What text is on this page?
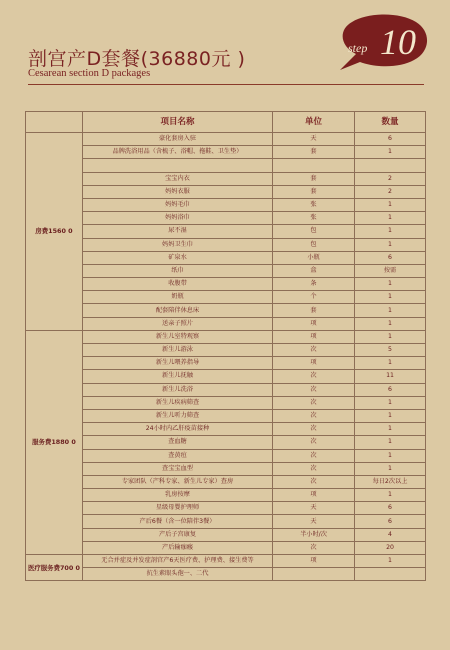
剖宫产D套餐(36880元 )
Cesarean section D packages
step 10
	项目名称	单位	数量
房费1560 0	豪化套房入驻	天	6
	品牌洗浴用品（含梳子、浴帽、拖鞋、卫生垫）	套	1

	宝宝内衣	套	2
	妈妈衣服	套	2
	妈妈毛巾	张	1
	妈妈浴巾	张	1
	尿不湿	包	1
	妈妈卫生巾	包	1
	矿泉水	小瓶	6
	纸巾	盒	按需
	收腹带	条	1
	奶瓶	个	1
	配套陪伴休息床	套	1
	送亲子照片	项	1
服务费1880 0	新生儿室特观察	项	1
	新生儿游泳	次	5
	新生儿喂养指导	项	1
	新生儿抚触	次	11
	新生儿洗浴	次	6
	新生儿疾病筛查	次	1
	新生儿听力筛查	次	1
	24小时内乙肝疫苗接种	次	1
	查血糖	次	1
	查黄疸	次	1
	查宝宝血型	次	1
	专家团队（产科专家、新生儿专家）查房	次	每日2次以上
	乳房按摩	项	1
	星级母婴护理师	天	6
	产后6餐（含一位陪伴3餐）	天	6
	产后子宫康复	半小时/次	4
	产后输痂瘢	次	20
医疗服务费700 0	无合并症及并发症剖宫产6天医疗费、护理费、接生费等	项	1
	抗生素眼头孢一、二代		
